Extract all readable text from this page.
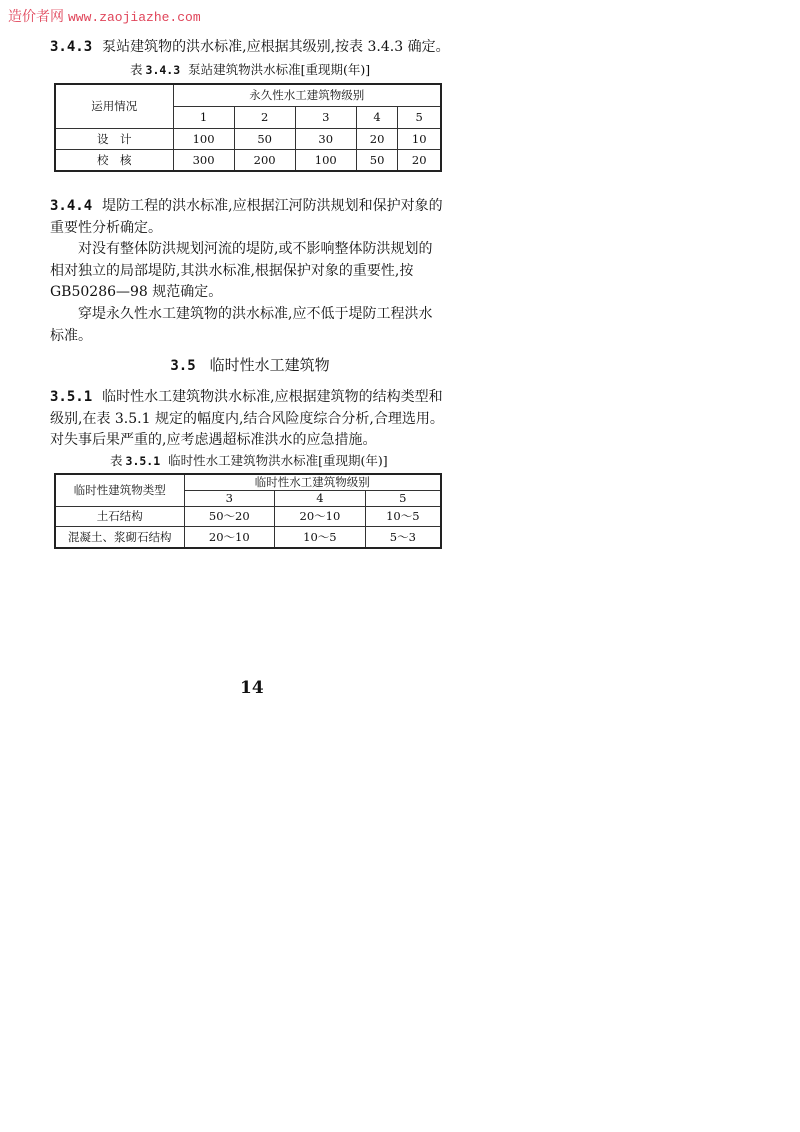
造价者网 www.zaojiazhe.com
3.4.3 泵站建筑物的洪水标准,应根据其级别,按表 3.4.3 确定。
表 3.4.3 泵站建筑物洪水标准[重现期(年)]
运用情况	永久性水工建筑物级别				
	1	2	3	4	5
设　计	100	50	30	20	10
校　核	300	200	100	50	20
3.4.4 堤防工程的洪水标准,应根据江河防洪规划和保护对象的
重要性分析确定。
对没有整体防洪规划河流的堤防,或不影响整体防洪规划的
相对独立的局部堤防,其洪水标准,根据保护对象的重要性,按
GB50286—98 规范确定。
穿堤永久性水工建筑物的洪水标准,应不低于堤防工程洪水
标准。
3.5 临时性水工建筑物
3.5.1 临时性水工建筑物洪水标准,应根据建筑物的结构类型和
级别,在表 3.5.1 规定的幅度内,结合风险度综合分析,合理选用。
对失事后果严重的,应考虑遇超标准洪水的应急措施。
表 3.5.1 临时性水工建筑物洪水标准[重现期(年)]
临时性建筑物类型	临时性水工建筑物级别		
	3	4	5
土石结构	50～20	20～10	10～5
混凝土、浆砌石结构	20～10	10～5	5～3
14
